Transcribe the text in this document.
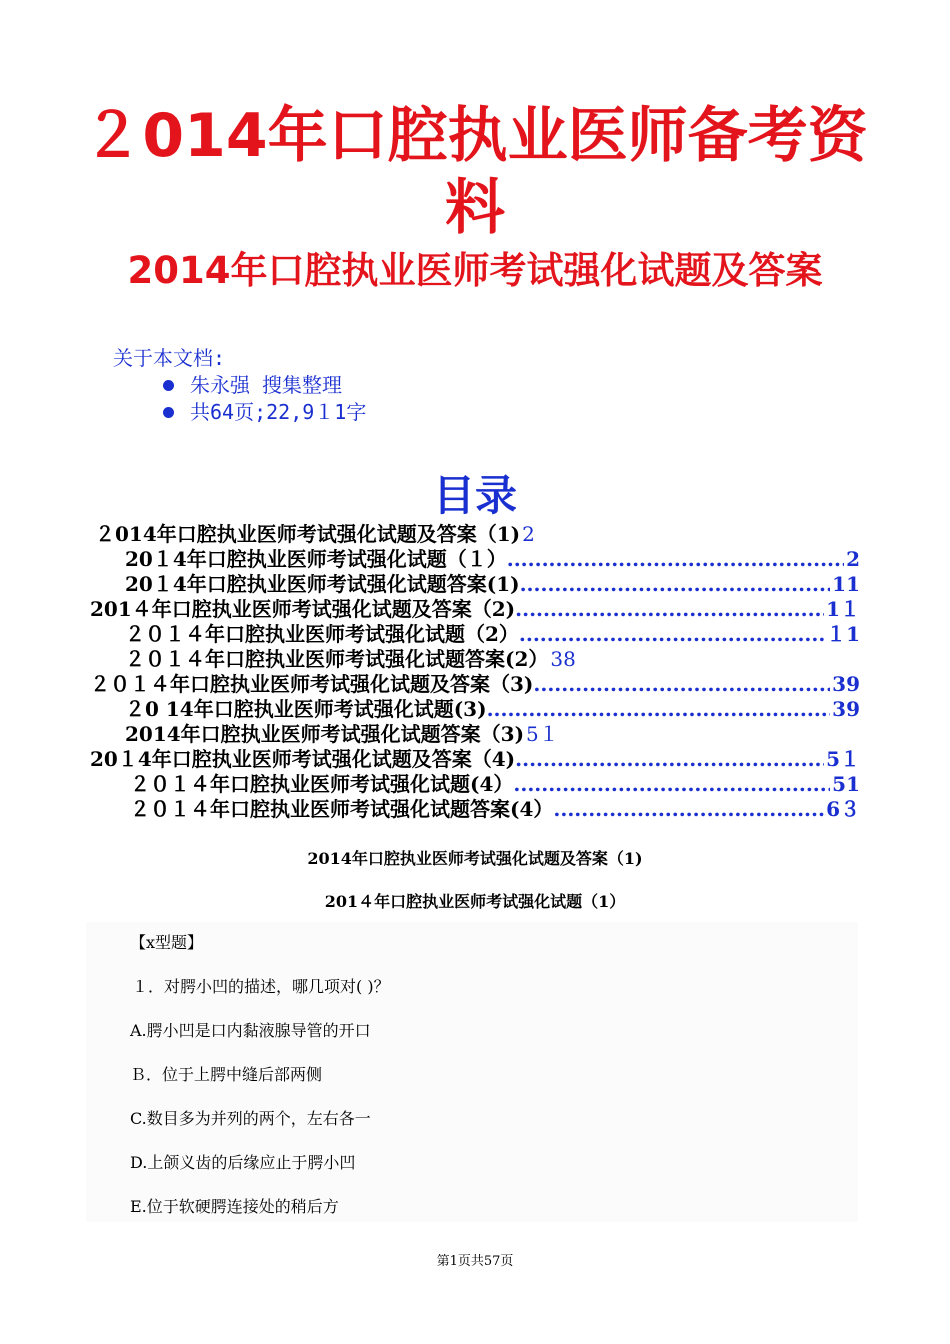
２014年口腔执业医师备考资
料
2014年口腔执业医师考试强化试题及答案
关于本文档:
朱永强 搜集整理
共64页;22,9１1字
目录
２014年口腔执业医师考试强化试题及答案（1) 2
20１4年口腔执业医师考试强化试题（１） .....	2
20１4年口腔执业医师考试强化试题答案(1) .....	11
201４年口腔执业医师考试强化试题及答案（2) .....	1１
２０１４年口腔执业医师考试强化试题（2） .....	１1
２０１４年口腔执业医师考试强化试题答案(2） 38
２０１４年口腔执业医师考试强化试题及答案（3) .....	39
２0 14年口腔执业医师考试强化试题(3) .....	39
2014年口腔执业医师考试强化试题答案（3) 5１
20１4年口腔执业医师考试强化试题及答案（4) .....	5１
２０１４年口腔执业医师考试强化试题(4） .....	51
２０１４年口腔执业医师考试强化试题答案(4） .....	6３
2014年口腔执业医师考试强化试题及答案（1)
201４年口腔执业医师考试强化试题（1）
【x型题】
１．对腭小凹的描述，哪几项对( )？
A.腭小凹是口内黏液腺导管的开口
Ｂ．位于上腭中缝后部两侧
C.数目多为并列的两个，左右各一
D.上颌义齿的后缘应止于腭小凹
E.位于软硬腭连接处的稍后方
第1页共57页
